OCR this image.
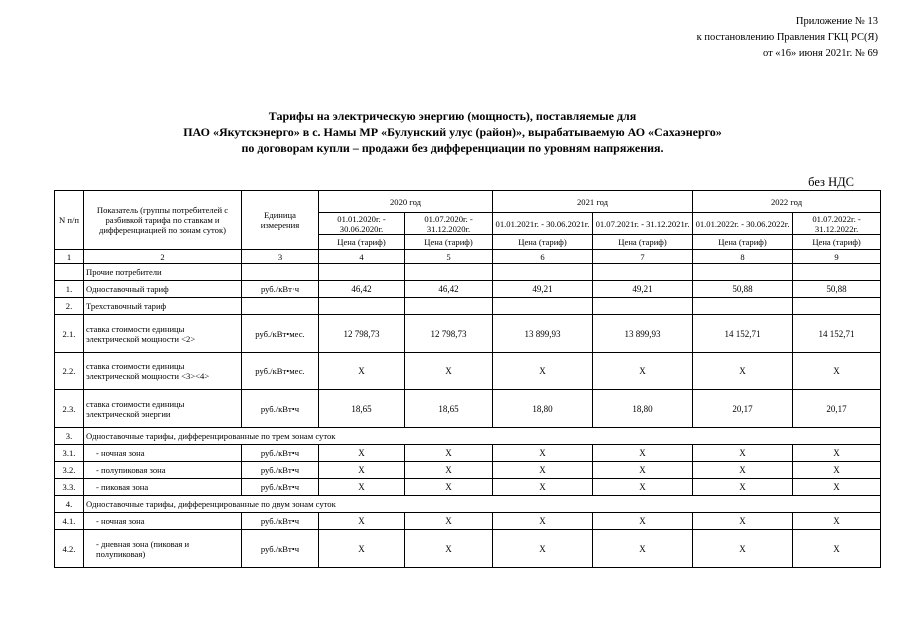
Приложение № 13
к постановлению Правления ГКЦ РС(Я)
от «16» июня 2021г. № 69
Тарифы на электрическую энергию (мощность), поставляемые для
ПАО «Якутскэнерго» в с. Намы МР «Булунский улус (район)», вырабатываемую АО «Сахаэнерго»
по договорам купли – продажи без дифференциации по уровням напряжения.
без НДС
N п/п	Показатель (группы потребителей с разбивкой тарифа по ставкам и дифференциацией по зонам суток)	Единица измерения	2020 год		2021 год		2022 год	
			01.01.2020г. - 30.06.2020г.	01.07.2020г. - 31.12.2020г.	01.01.2021г. - 30.06.2021г.	01.07.2021г. - 31.12.2021г.	01.01.2022г. - 30.06.2022г.	01.07.2022г. - 31.12.2022г.
			Цена (тариф)	Цена (тариф)	Цена (тариф)	Цена (тариф)	Цена (тариф)	Цена (тариф)
1	2	3	4	5	6	7	8	9
	Прочие потребители							
1.	Одноставочный тариф	руб./кВт·ч	46,42	46,42	49,21	49,21	50,88	50,88
2.	Трехставочный тариф							
2.1.	ставка стоимости единицы электрической мощности <2>	руб./кВт•мес.	12 798,73	12 798,73	13 899,93	13 899,93	14 152,71	14 152,71
2.2.	ставка стоимости единицы электрической мощности <3><4>	руб./кВт•мес.	X	X	X	X	X	X
2.3.	ставка стоимости единицы электрической энергии	руб./кВт•ч	18,65	18,65	18,80	18,80	20,17	20,17
3.	Одноставочные тарифы, дифференцированные по трем зонам суток							
3.1.	- ночная зона	руб./кВт•ч	X	X	X	X	X	X
3.2.	- полупиковая зона	руб./кВт•ч	X	X	X	X	X	X
3.3.	- пиковая зона	руб./кВт•ч	X	X	X	X	X	X
4.	Одноставочные тарифы, дифференцированные по двум зонам суток							
4.1.	- ночная зона	руб./кВт•ч	X	X	X	X	X	X
4.2.	- дневная зона (пиковая и полупиковая)	руб./кВт•ч	X	X	X	X	X	X
